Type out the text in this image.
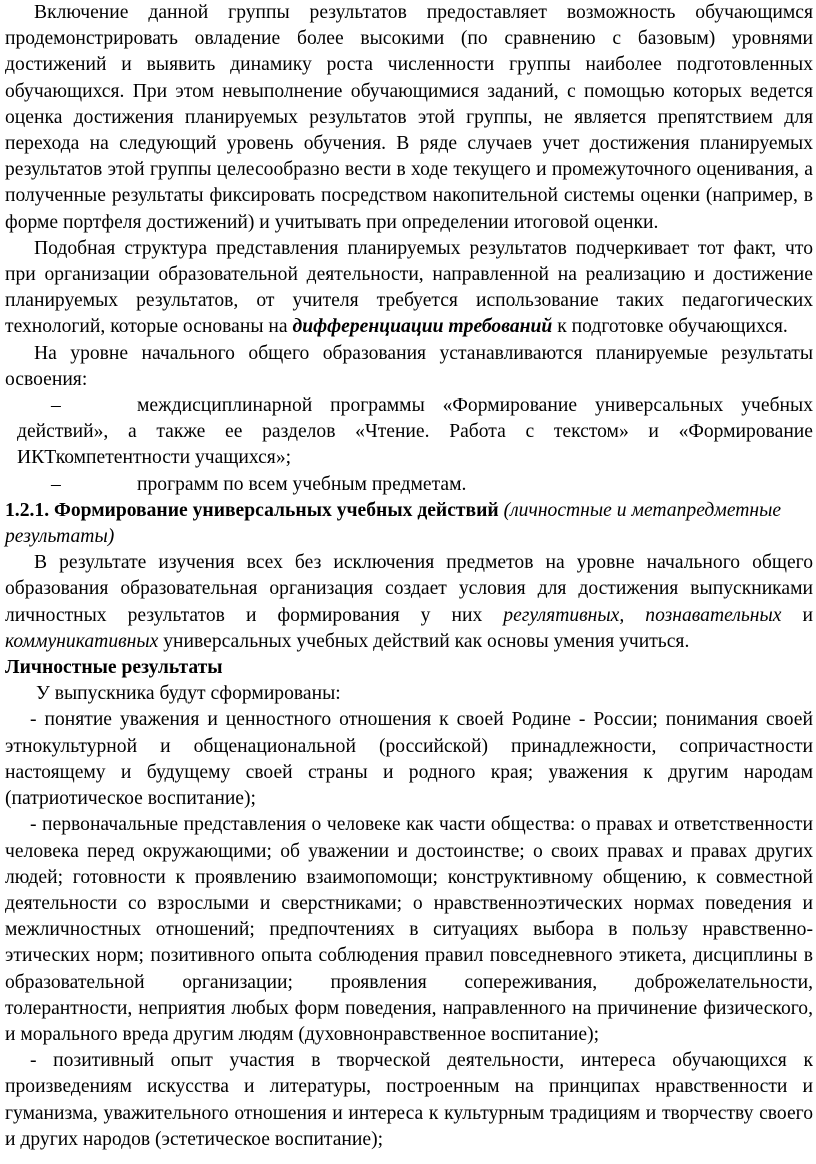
Включение данной группы результатов предоставляет возможность обучающимся продемонстрировать овладение более высокими (по сравнению с базовым) уровнями достижений и выявить динамику роста численности группы наиболее подготовленных обучающихся. При этом невыполнение обучающимися заданий, с помощью которых ведется оценка достижения планируемых результатов этой группы, не является препятствием для перехода на следующий уровень обучения. В ряде случаев учет достижения планируемых результатов этой группы целесообразно вести в ходе текущего и промежуточного оценивания, а полученные результаты фиксировать посредством накопительной системы оценки (например, в форме портфеля достижений) и учитывать при определении итоговой оценки.

Подобная структура представления планируемых результатов подчеркивает тот факт, что при организации образовательной деятельности, направленной на реализацию и достижение планируемых результатов, от учителя требуется использование таких педагогических технологий, которые основаны на дифференциации требований к подготовке обучающихся.

На уровне начального общего образования устанавливаются планируемые результаты освоения:

–	междисциплинарной программы «Формирование универсальных учебных действий», а также ее разделов «Чтение. Работа с текстом» и «Формирование ИКТкомпетентности учащихся»;

–	программ по всем учебным предметам.

1.2.1. Формирование универсальных учебных действий (личностные и метапредметные результаты)

В результате изучения всех без исключения предметов на уровне начального общего образования образовательная организация создает условия для достижения выпускниками личностных результатов и формирования у них регулятивных, познавательных и коммуникативных универсальных учебных действий как основы умения учиться.

Личностные результаты

У выпускника будут сформированы:

- понятие уважения и ценностного отношения к своей Родине - России; понимания своей этнокультурной и общенациональной (российской) принадлежности, сопричастности настоящему и будущему своей страны и родного края; уважения к другим народам (патриотическое воспитание);

- первоначальные представления о человеке как части общества: о правах и ответственности человека перед окружающими; об уважении и достоинстве; о своих правах и правах других людей; готовности к проявлению взаимопомощи; конструктивному общению, к совместной деятельности со взрослыми и сверстниками; о нравственноэтических нормах поведения и межличностных отношений; предпочтениях в ситуациях выбора в пользу нравственно-этических норм; позитивного опыта соблюдения правил повседневного этикета, дисциплины в образовательной организации; проявления сопереживания, доброжелательности, толерантности, неприятия любых форм поведения, направленного на причинение физического, и морального вреда другим людям (духовнонравственное воспитание);

- позитивный опыт участия в творческой деятельности, интереса обучающихся к произведениям искусства и литературы, построенным на принципах нравственности и гуманизма, уважительного отношения и интереса к культурным традициям и творчеству своего и других народов (эстетическое воспитание);
